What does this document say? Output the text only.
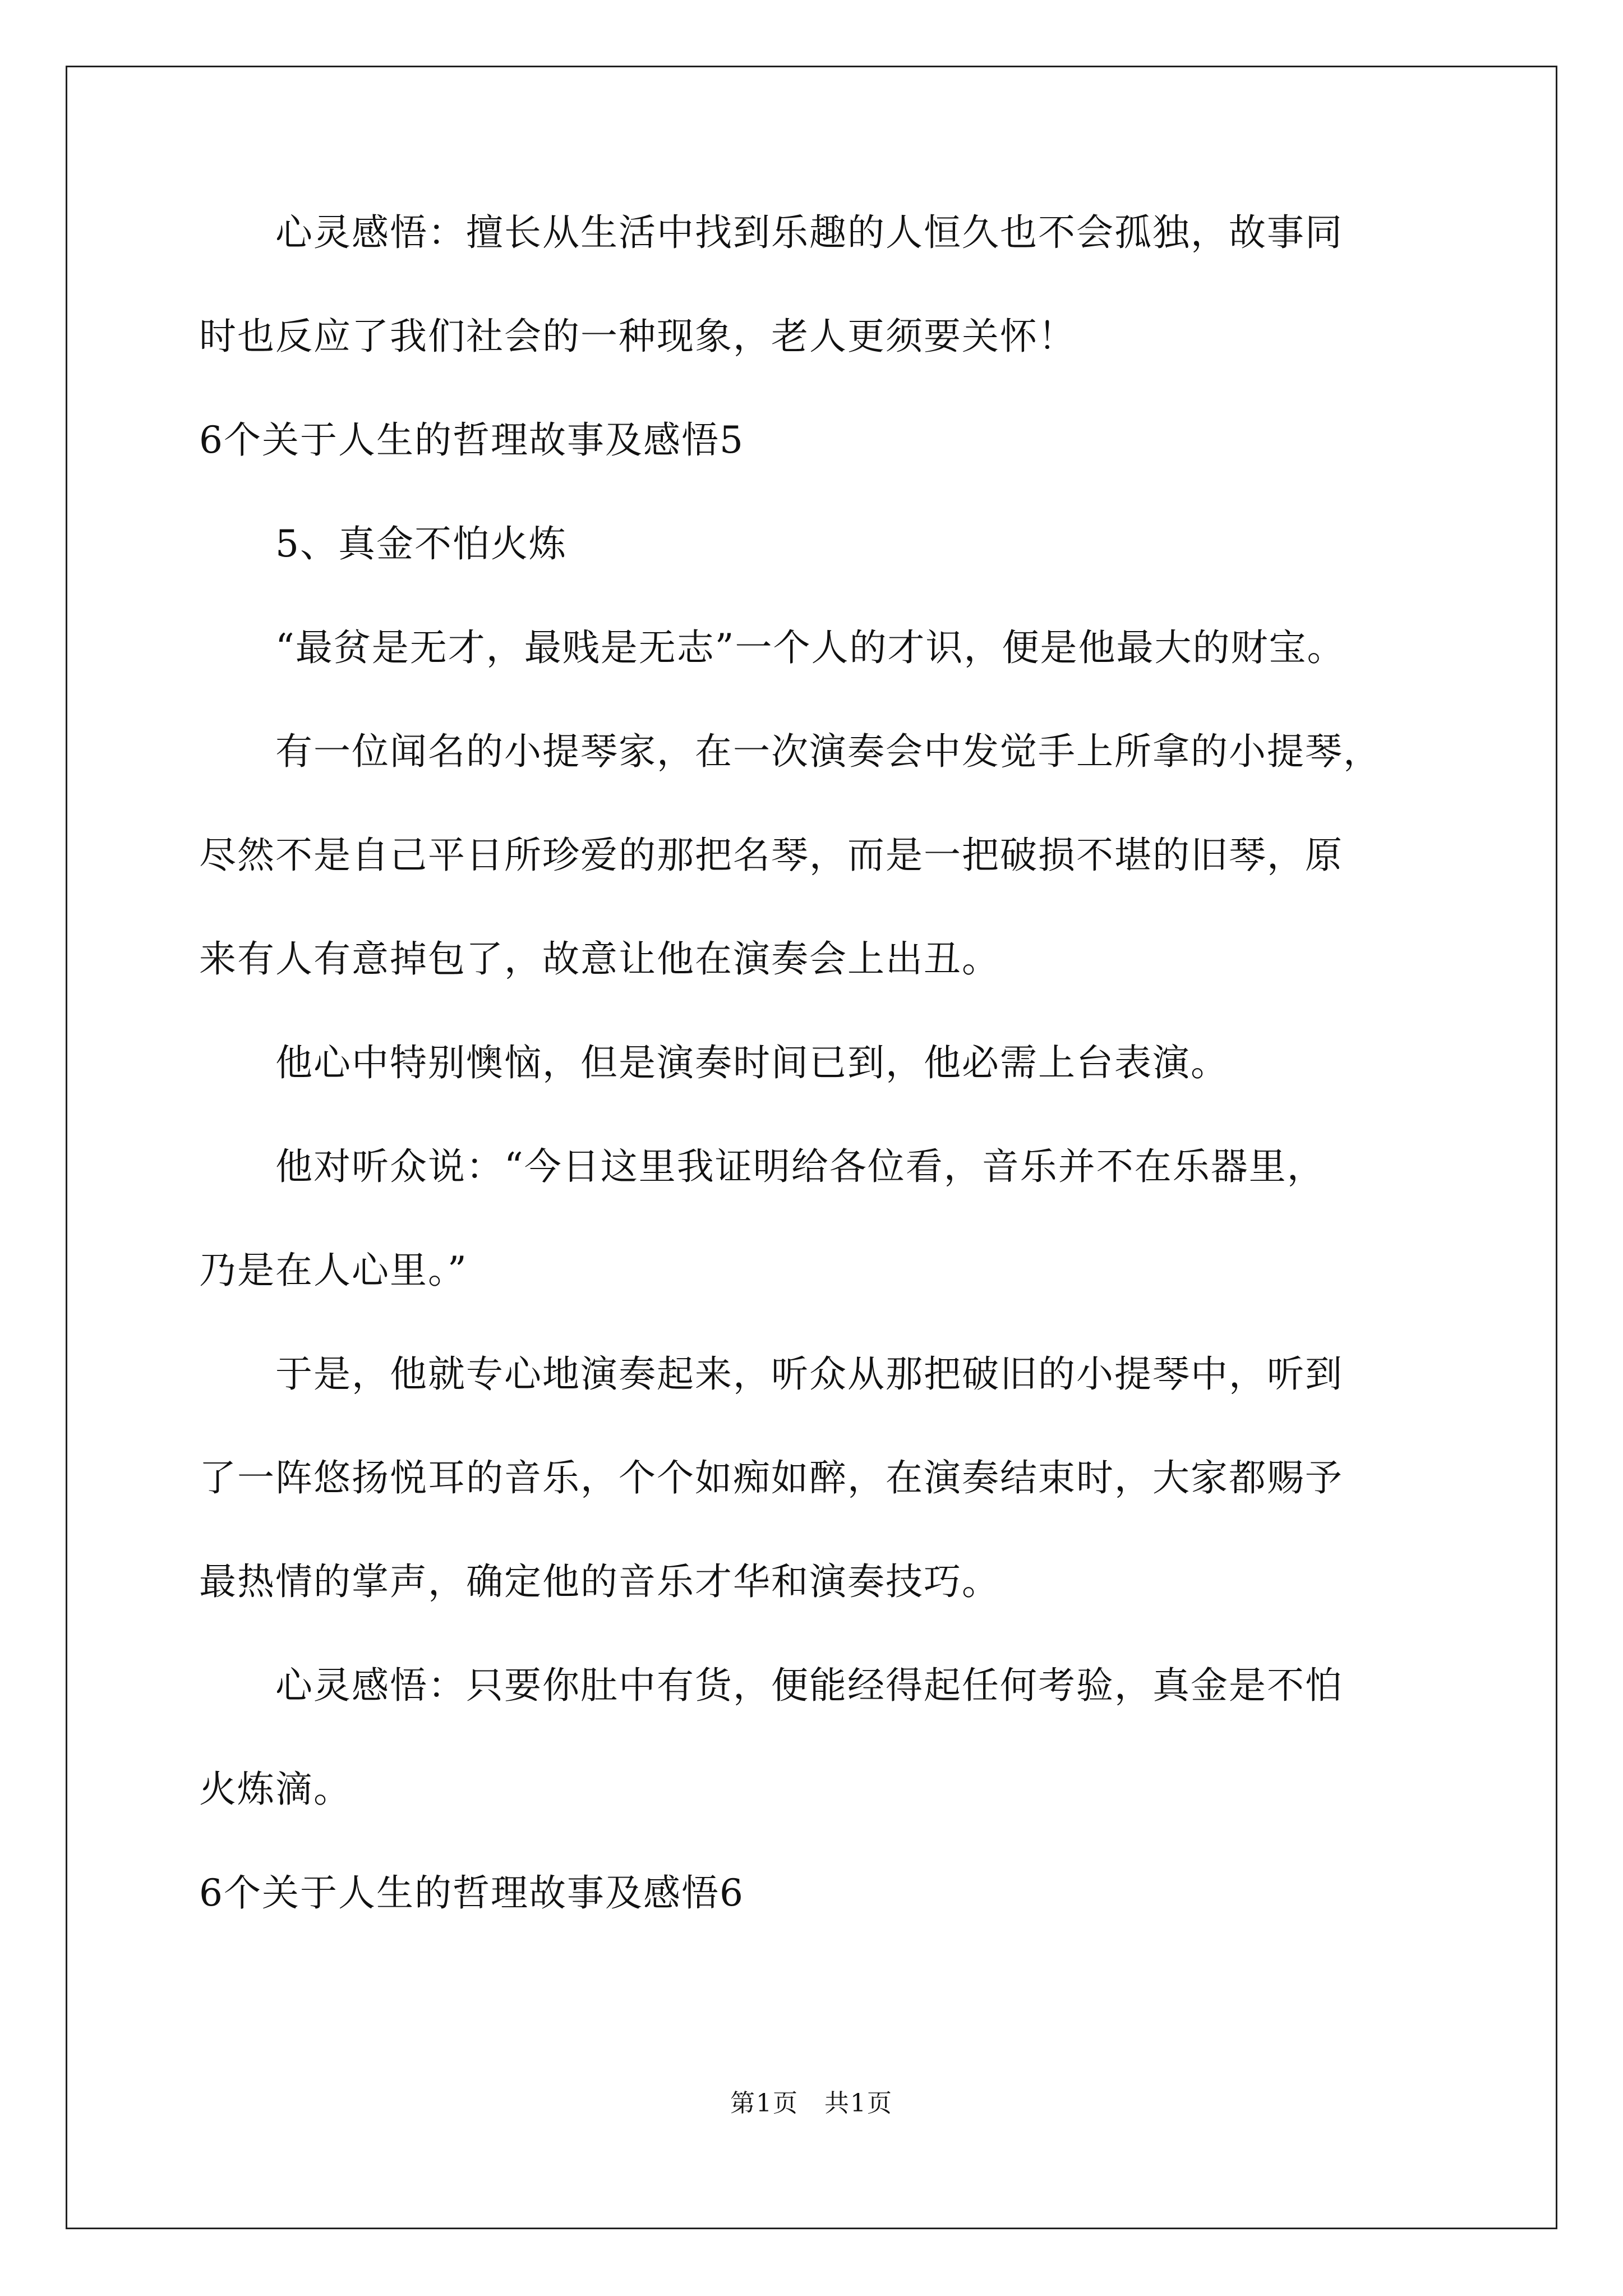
　　心灵感悟：擅长从生活中找到乐趣的人恒久也不会孤独，故事同
时也反应了我们社会的一种现象，老人更须要关怀！
6个关于人生的哲理故事及感悟5
　　5、真金不怕火炼
　　“最贫是无才，最贱是无志”一个人的才识，便是他最大的财宝。
　　有一位闻名的小提琴家，在一次演奏会中发觉手上所拿的小提琴，
尽然不是自己平日所珍爱的那把名琴，而是一把破损不堪的旧琴，原
来有人有意掉包了，故意让他在演奏会上出丑。
　　他心中特别懊恼，但是演奏时间已到，他必需上台表演。
　　他对听众说：“今日这里我证明给各位看，音乐并不在乐器里，
乃是在人心里。”
　　于是，他就专心地演奏起来，听众从那把破旧的小提琴中，听到
了一阵悠扬悦耳的音乐，个个如痴如醉，在演奏结束时，大家都赐予
最热情的掌声，确定他的音乐才华和演奏技巧。
　　心灵感悟：只要你肚中有货，便能经得起任何考验，真金是不怕
火炼滴。
6个关于人生的哲理故事及感悟6
第1页　共1页
